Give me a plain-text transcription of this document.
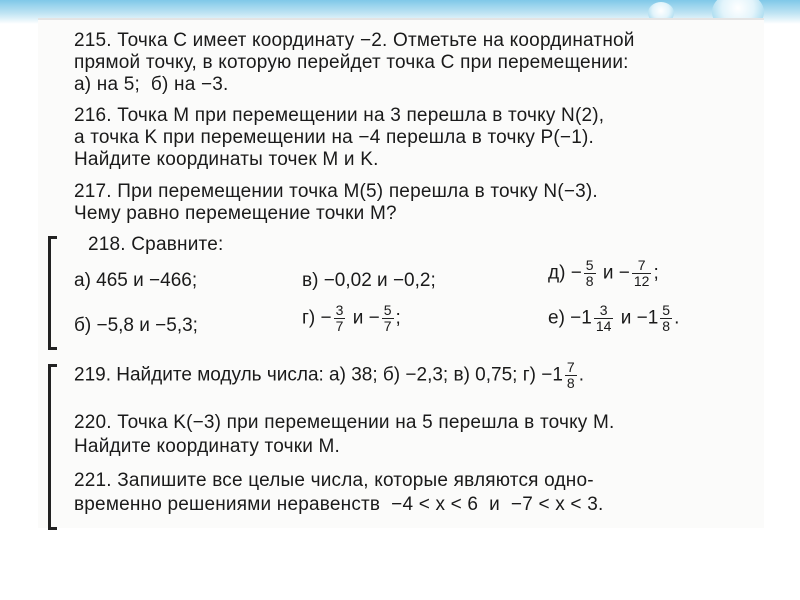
215. Точка C имеет координату −2. Отметьте на координатной
прямой точку, в которую перейдет точка C при перемещении:
а) на 5;  б) на −3.
216. Точка M при перемещении на 3 перешла в точку N(2),
а точка K при перемещении на −4 перешла в точку P(−1).
Найдите координаты точек M и K.
217. При перемещении точка M(5) перешла в точку N(−3).
Чему равно перемещение точки M?
218. Сравните:
а) 465 и −466;	в) −0,02 и −0,2;	$д) - \frac{5}{8}$ $и - \frac{7}{12}$ ;
б) −5,8 и −5,3;	$г) - \frac{3}{7}$ $и - \frac{5}{7}$ ;	$е) -1 \frac{3}{14}$ $и -1 \frac{5}{8}$ .
219. Найдите модуль числа: а) 38; б) −2,3; в) 0,75; $г) -1 \frac{7}{8}$ .
220. Точка K(−3) при перемещении на 5 перешла в точку M.
Найдите координату точки M.
221. Запишите все целые числа, которые являются одно-
временно решениями неравенств  −4 < x < 6  и  −7 < x < 3.
